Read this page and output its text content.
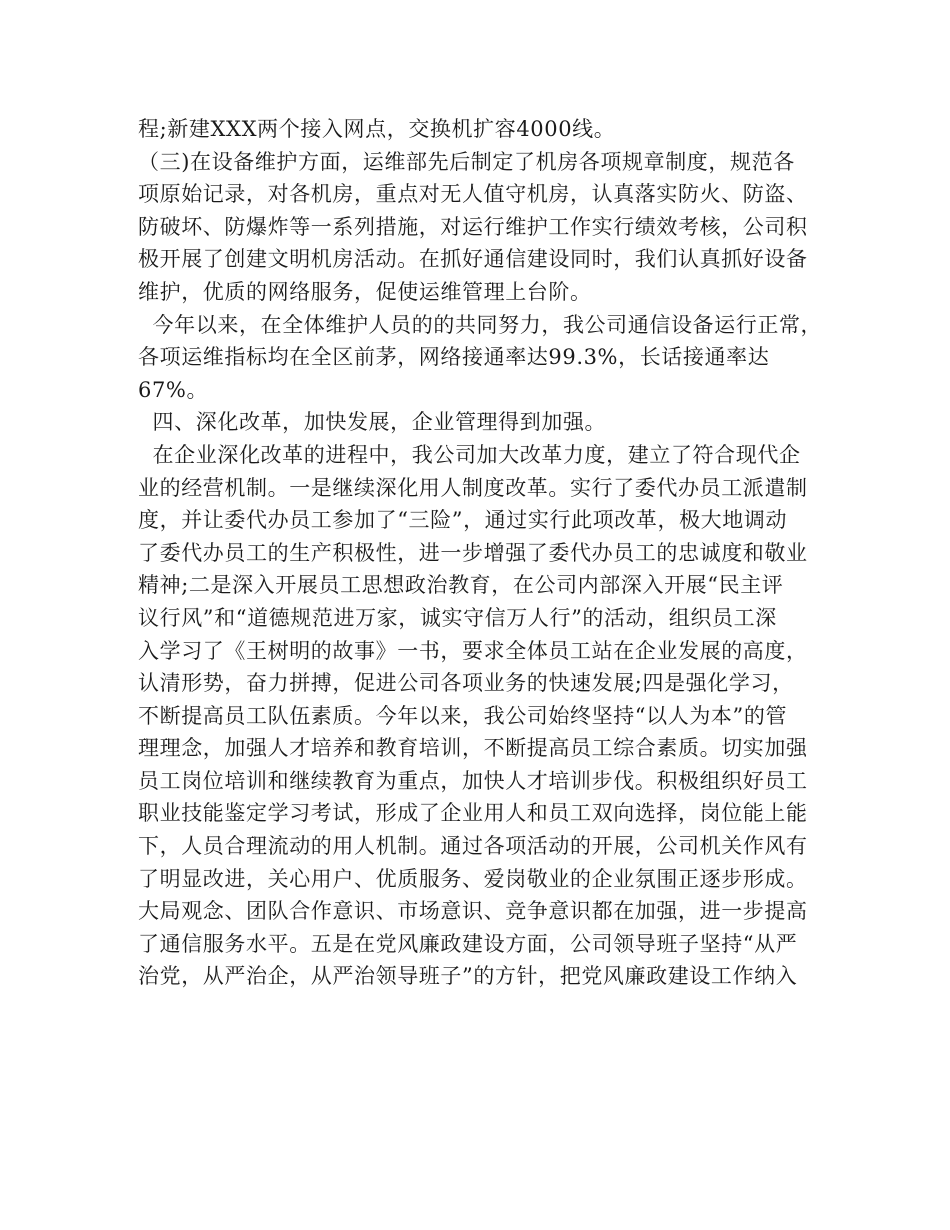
程;新建XXX两个接入网点，交换机扩容4000线。
（三)在设备维护方面，运维部先后制定了机房各项规章制度，规范各
项原始记录，对各机房，重点对无人值守机房，认真落实防火、防盗、
防破坏、防爆炸等一系列措施，对运行维护工作实行绩效考核，公司积
极开展了创建文明机房活动。在抓好通信建设同时，我们认真抓好设备
维护，优质的网络服务，促使运维管理上台阶。
今年以来，在全体维护人员的的共同努力，我公司通信设备运行正常，
各项运维指标均在全区前茅，网络接通率达99.3%，长话接通率达
67%。
四、深化改革，加快发展，企业管理得到加强。
在企业深化改革的进程中，我公司加大改革力度，建立了符合现代企
业的经营机制。一是继续深化用人制度改革。实行了委代办员工派遣制
度，并让委代办员工参加了“三险”，通过实行此项改革，极大地调动
了委代办员工的生产积极性，进一步增强了委代办员工的忠诚度和敬业
精神;二是深入开展员工思想政治教育，在公司内部深入开展“民主评
议行风”和“道德规范进万家，诚实守信万人行”的活动，组织员工深
入学习了《王树明的故事》一书，要求全体员工站在企业发展的高度，
认清形势，奋力拼搏，促进公司各项业务的快速发展;四是强化学习，
不断提高员工队伍素质。今年以来，我公司始终坚持“以人为本”的管
理理念，加强人才培养和教育培训，不断提高员工综合素质。切实加强
员工岗位培训和继续教育为重点，加快人才培训步伐。积极组织好员工
职业技能鉴定学习考试，形成了企业用人和员工双向选择，岗位能上能
下，人员合理流动的用人机制。通过各项活动的开展，公司机关作风有
了明显改进，关心用户、优质服务、爱岗敬业的企业氛围正逐步形成。
大局观念、团队合作意识、市场意识、竞争意识都在加强，进一步提高
了通信服务水平。五是在党风廉政建设方面，公司领导班子坚持“从严
治党，从严治企，从严治领导班子”的方针，把党风廉政建设工作纳入
